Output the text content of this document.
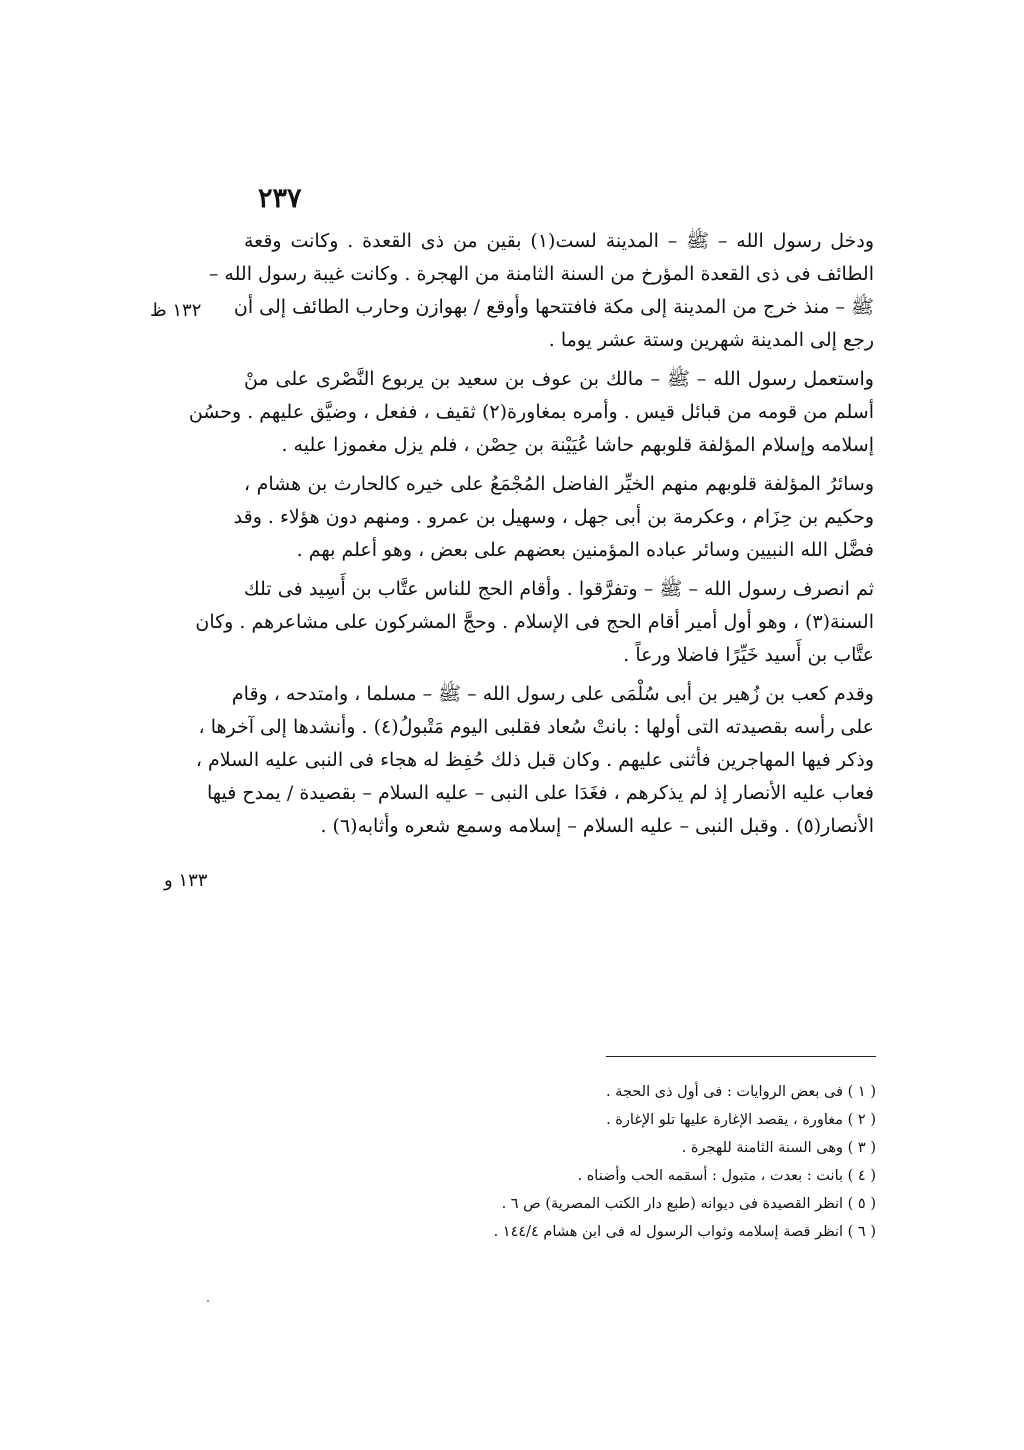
٢٣٧
١٣٢ ظ
١٣٣ و
ودخل رسول الله – ﷺ – المدينة لست(١) بقين من ذى القعدة . وكانت وقعة
الطائف فى ذى القعدة المؤرخ من السنة الثامنة من الهجرة . وكانت غيبة رسول الله –
ﷺ – منذ خرج من المدينة إلى مكة فافتتحها وأوقع / بهوازن وحارب الطائف إلى أن
رجع إلى المدينة شهرين وستة عشر يوما .
واستعمل رسول الله – ﷺ – مالك بن عوف بن سعيد بن يربوع النَّصْرى على منْ
أسلم من قومه من قبائل قيس . وأمره بمغاورة(٢) ثقيف ، ففعل ، وضيَّق عليهم . وحسُن
إسلامه وإسلام المؤلفة قلوبهم حاشا عُيَيْنة بن حِصْن ، فلم يزل مغموزا عليه .
وسائرُ المؤلفة قلوبهم منهم الخيِّر الفاضل المُجْمَعُ على خيره كالحارث بن هشام ،
وحكيم بن حِزَام ، وعكرمة بن أبى جهل ، وسهيل بن عمرو . ومنهم دون هؤلاء . وقد
فضَّل الله النبيين وسائر عباده المؤمنين بعضهم على بعض ، وهو أعلم بهم .
ثم انصرف رسول الله – ﷺ – وتفرَّقوا . وأقام الحج للناس عتَّاب بن أَسِيد فى تلك
السنة(٣) ، وهو أول أمير أقام الحج فى الإسلام . وحجَّ المشركون على مشاعرهم . وكان
عتَّاب بن أَسيد خَيِّرًا فاضلا ورعاً .
وقدم كعب بن زُهير بن أبى سُلْمَى على رسول الله – ﷺ – مسلما ، وامتدحه ، وقام
على رأسه بقصيدته التى أولها : بانتْ سُعاد فقلبى اليوم مَتْبولُ(٤) . وأنشدها إلى آخرها ،
وذكر فيها المهاجرين فأثنى عليهم . وكان قبل ذلك حُفِظ له هجاء فى النبى عليه السلام ،
فعاب عليه الأنصار إذ لم يذكرهم ، فغَدَا على النبى – عليه السلام – بقصيدة / يمدح فيها
الأنصار(٥) . وقبل النبى – عليه السلام – إسلامه وسمع شعره وأثابه(٦) .
( ١ ) فى بعض الروايات : فى أول ذى الحجة .
( ٢ ) مغاورة ، يقصد الإغارة عليها تلو الإغارة .
( ٣ ) وهى السنة الثامنة للهجرة .
( ٤ ) بانت : بعدت ، متبول : أسقمه الحب وأضناه .
( ٥ ) انظر القصيدة فى ديوانه (طبع دار الكتب المصرية) ص ٦ .
( ٦ ) انظر قصة إسلامه وثواب الرسول له فى ابن هشام ١٤٤/٤ .
